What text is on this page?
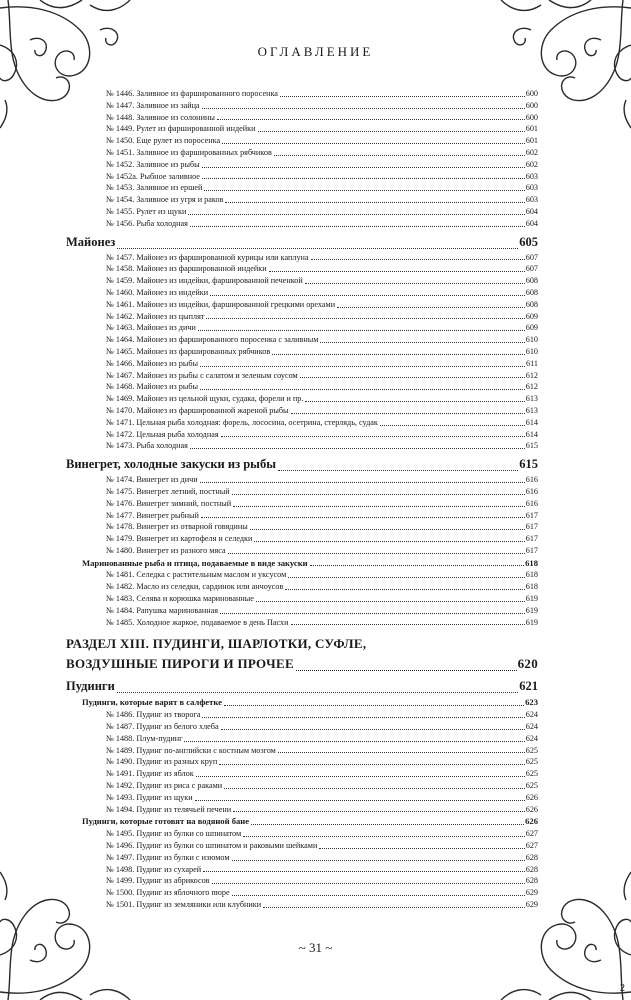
ОГЛАВЛЕНИЕ
№ 1446. Заливное из фаршированного поросенка	600
№ 1447. Заливное из зайца	600
№ 1448. Заливное из солонины	600
№ 1449. Рулет из фаршированной индейки	601
№ 1450. Еще рулет из поросенка	601
№ 1451. Заливное из фаршированных рябчиков	602
№ 1452. Заливное из рыбы	602
№ 1452а. Рыбное заливное	603
№ 1453. Заливное из ершей	603
№ 1454. Заливное из угря и раков	603
№ 1455. Рулет из щуки	604
№ 1456. Рыба холодная	604
Майонез	605
№ 1457. Майонез из фаршированной курицы или каплуна	607
№ 1458. Майонез из фаршированной индейки	607
№ 1459. Майонез из индейки, фаршированной печенкой	608
№ 1460. Майонез из индейки	608
№ 1461. Майонез из индейки, фаршированной грецкими орехами	608
№ 1462. Майонез из цыплят	609
№ 1463. Майонез из дичи	609
№ 1464. Майонез из фаршированного поросенка с заливным	610
№ 1465. Майонез из фаршированных рябчиков	610
№ 1466. Майонез из рыбы	611
№ 1467. Майонез из рыбы с салатом и зеленым соусом	612
№ 1468. Майонез из рыбы	612
№ 1469. Майонез из цельной щуки, судака, форели и пр.	613
№ 1470. Майонез из фаршированной жареной рыбы	613
№ 1471. Цельная рыба холодная: форель, лососина, осетрина, стерлядь, судак	614
№ 1472. Цельная рыба холодная	614
№ 1473. Рыба холодная	615
Винегрет, холодные закуски из рыбы	615
№ 1474. Винегрет из дичи	616
№ 1475. Винегрет летний, постный	616
№ 1476. Винегрет зимний, постный	616
№ 1477. Винегрет рыбный	617
№ 1478. Винегрет из отварной говядины	617
№ 1479. Винегрет из картофеля и селедки	617
№ 1480. Винегрет из разного мяса	617
Маринованные рыба и птица, подаваемые в виде закуски	618
№ 1481. Селедка с растительным маслом и уксусом	618
№ 1482. Масло из селедки, сардинок или анчоусов	618
№ 1483. Селява и корюшка маринованные	619
№ 1484. Рапушка маринованная	619
№ 1485. Холодное жаркое, подаваемое в день Пасхи	619
РАЗДЕЛ XIII. ПУДИНГИ, ШАРЛОТКИ, СУФЛЕ,
ВОЗДУШНЫЕ ПИРОГИ И ПРОЧЕЕ	620
Пудинги	621
Пудинги, которые варят в салфетке	623
№ 1486. Пудинг из творога	624
№ 1487. Пудинг из белого хлеба	624
№ 1488. Плум-пудинг	624
№ 1489. Пудинг по-английски с костным мозгом	625
№ 1490. Пудинг из разных круп	625
№ 1491. Пудинг из яблок	625
№ 1492. Пудинг из риса с раками	625
№ 1493. Пудинг из щуки	626
№ 1494. Пудинг из телячьей печени	626
Пудинги, которые готовят на водяной бане	626
№ 1495. Пудинг из булки со шпинатом	627
№ 1496. Пудинг из булки со шпинатом и раковыми шейками	627
№ 1497. Пудинг из булки с изюмом	628
№ 1498. Пудинг из сухарей	628
№ 1499. Пудинг из абрикосов	628
№ 1500. Пудинг из яблочного пюре	629
№ 1501. Пудинг из земляники или клубники	629
~ 31 ~
2
